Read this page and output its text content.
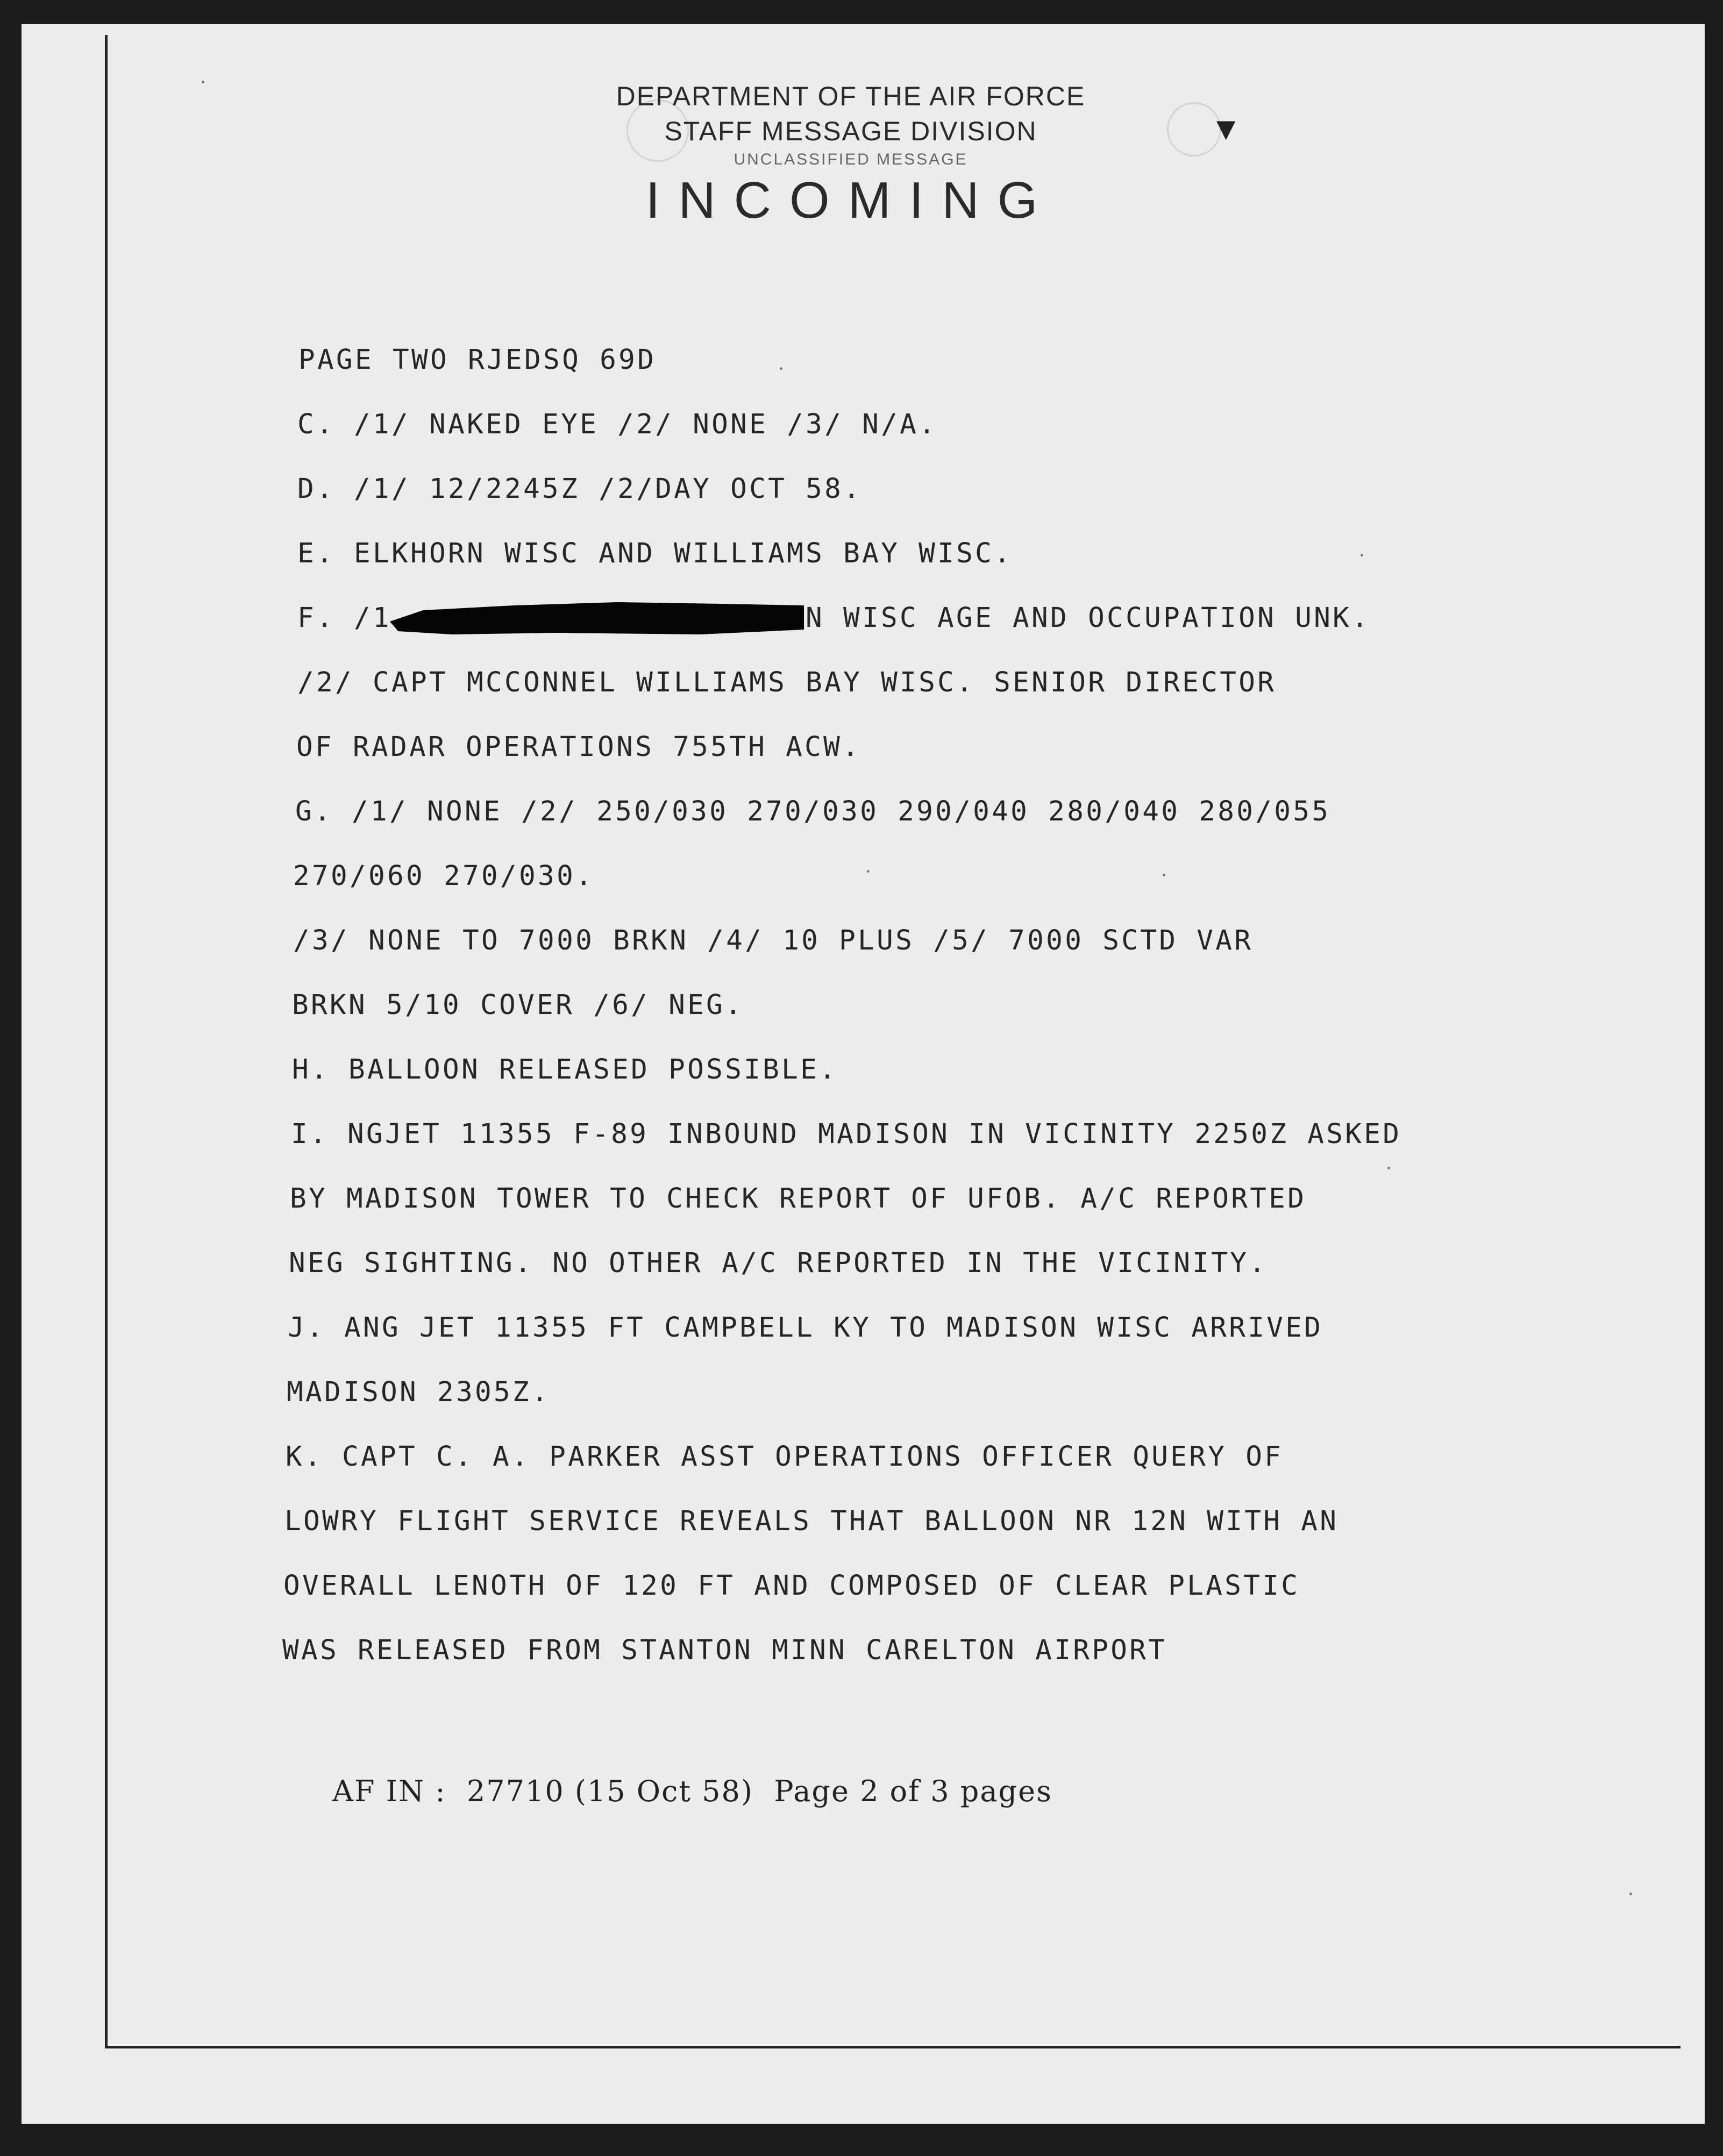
DEPARTMENT OF THE AIR FORCE
STAFF MESSAGE DIVISION
UNCLASSIFIED MESSAGE
INCOMING
▼
PAGE TWO RJEDSQ 69D
C. /1/ NAKED EYE /2/ NONE /3/ N/A.
D. /1/ 12/2245Z /2/DAY OCT 58.
E. ELKHORN WISC AND WILLIAMS BAY WISC.
F. /1	N WISC AGE AND OCCUPATION UNK.
/2/ CAPT MCCONNEL WILLIAMS BAY WISC. SENIOR DIRECTOR
OF RADAR OPERATIONS 755TH ACW.
G. /1/ NONE /2/ 250/030 270/030 290/040 280/040 280/055
270/060 270/030.
/3/ NONE TO 7000 BRKN /4/ 10 PLUS /5/ 7000 SCTD VAR
BRKN 5/10 COVER /6/ NEG.
H. BALLOON RELEASED POSSIBLE.
I. NGJET 11355 F-89 INBOUND MADISON IN VICINITY 2250Z ASKED
BY MADISON TOWER TO CHECK REPORT OF UFOB. A/C REPORTED
NEG SIGHTING. NO OTHER A/C REPORTED IN THE VICINITY.
J. ANG JET 11355 FT CAMPBELL KY TO MADISON WISC ARRIVED
MADISON 2305Z.
K. CAPT C. A. PARKER ASST OPERATIONS OFFICER QUERY OF
LOWRY FLIGHT SERVICE REVEALS THAT BALLOON NR 12N WITH AN
OVERALL LENOTH OF 120 FT AND COMPOSED OF CLEAR PLASTIC
WAS RELEASED FROM STANTON MINN CARELTON AIRPORT
AF IN :  27710 (15 Oct 58)  Page 2 of 3 pages
